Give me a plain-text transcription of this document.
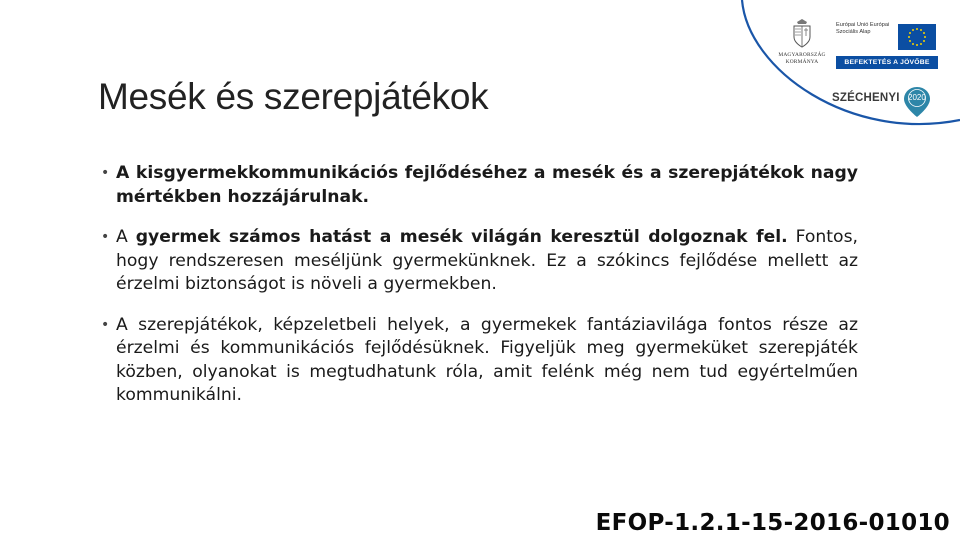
MAGYARORSZÁG
KORMÁNYA
Európai Unió Európai Szociális Alap
BEFEKTETÉS A JÖVŐBE
SZÉCHENYI 2020
Mesék és szerepjátékok

• A kisgyermekkommunikációs fejlődéséhez a mesék és a szerepjátékok nagy mértékben hozzájárulnak.

• A gyermek számos hatást a mesék világán keresztül dolgoznak fel. Fontos, hogy rendszeresen meséljünk gyermekünknek. Ez a szókincs fejlődése mellett az érzelmi biztonságot is növeli a gyermekben.

• A szerepjátékok, képzeletbeli helyek, a gyermekek fantáziavilága fontos része az érzelmi és kommunikációs fejlődésüknek. Figyeljük meg gyermeküket szerepjáték közben, olyanokat is megtudhatunk róla, amit felénk még nem tud egyértelműen kommunikálni.

EFOP-1.2.1-15-2016-01010
